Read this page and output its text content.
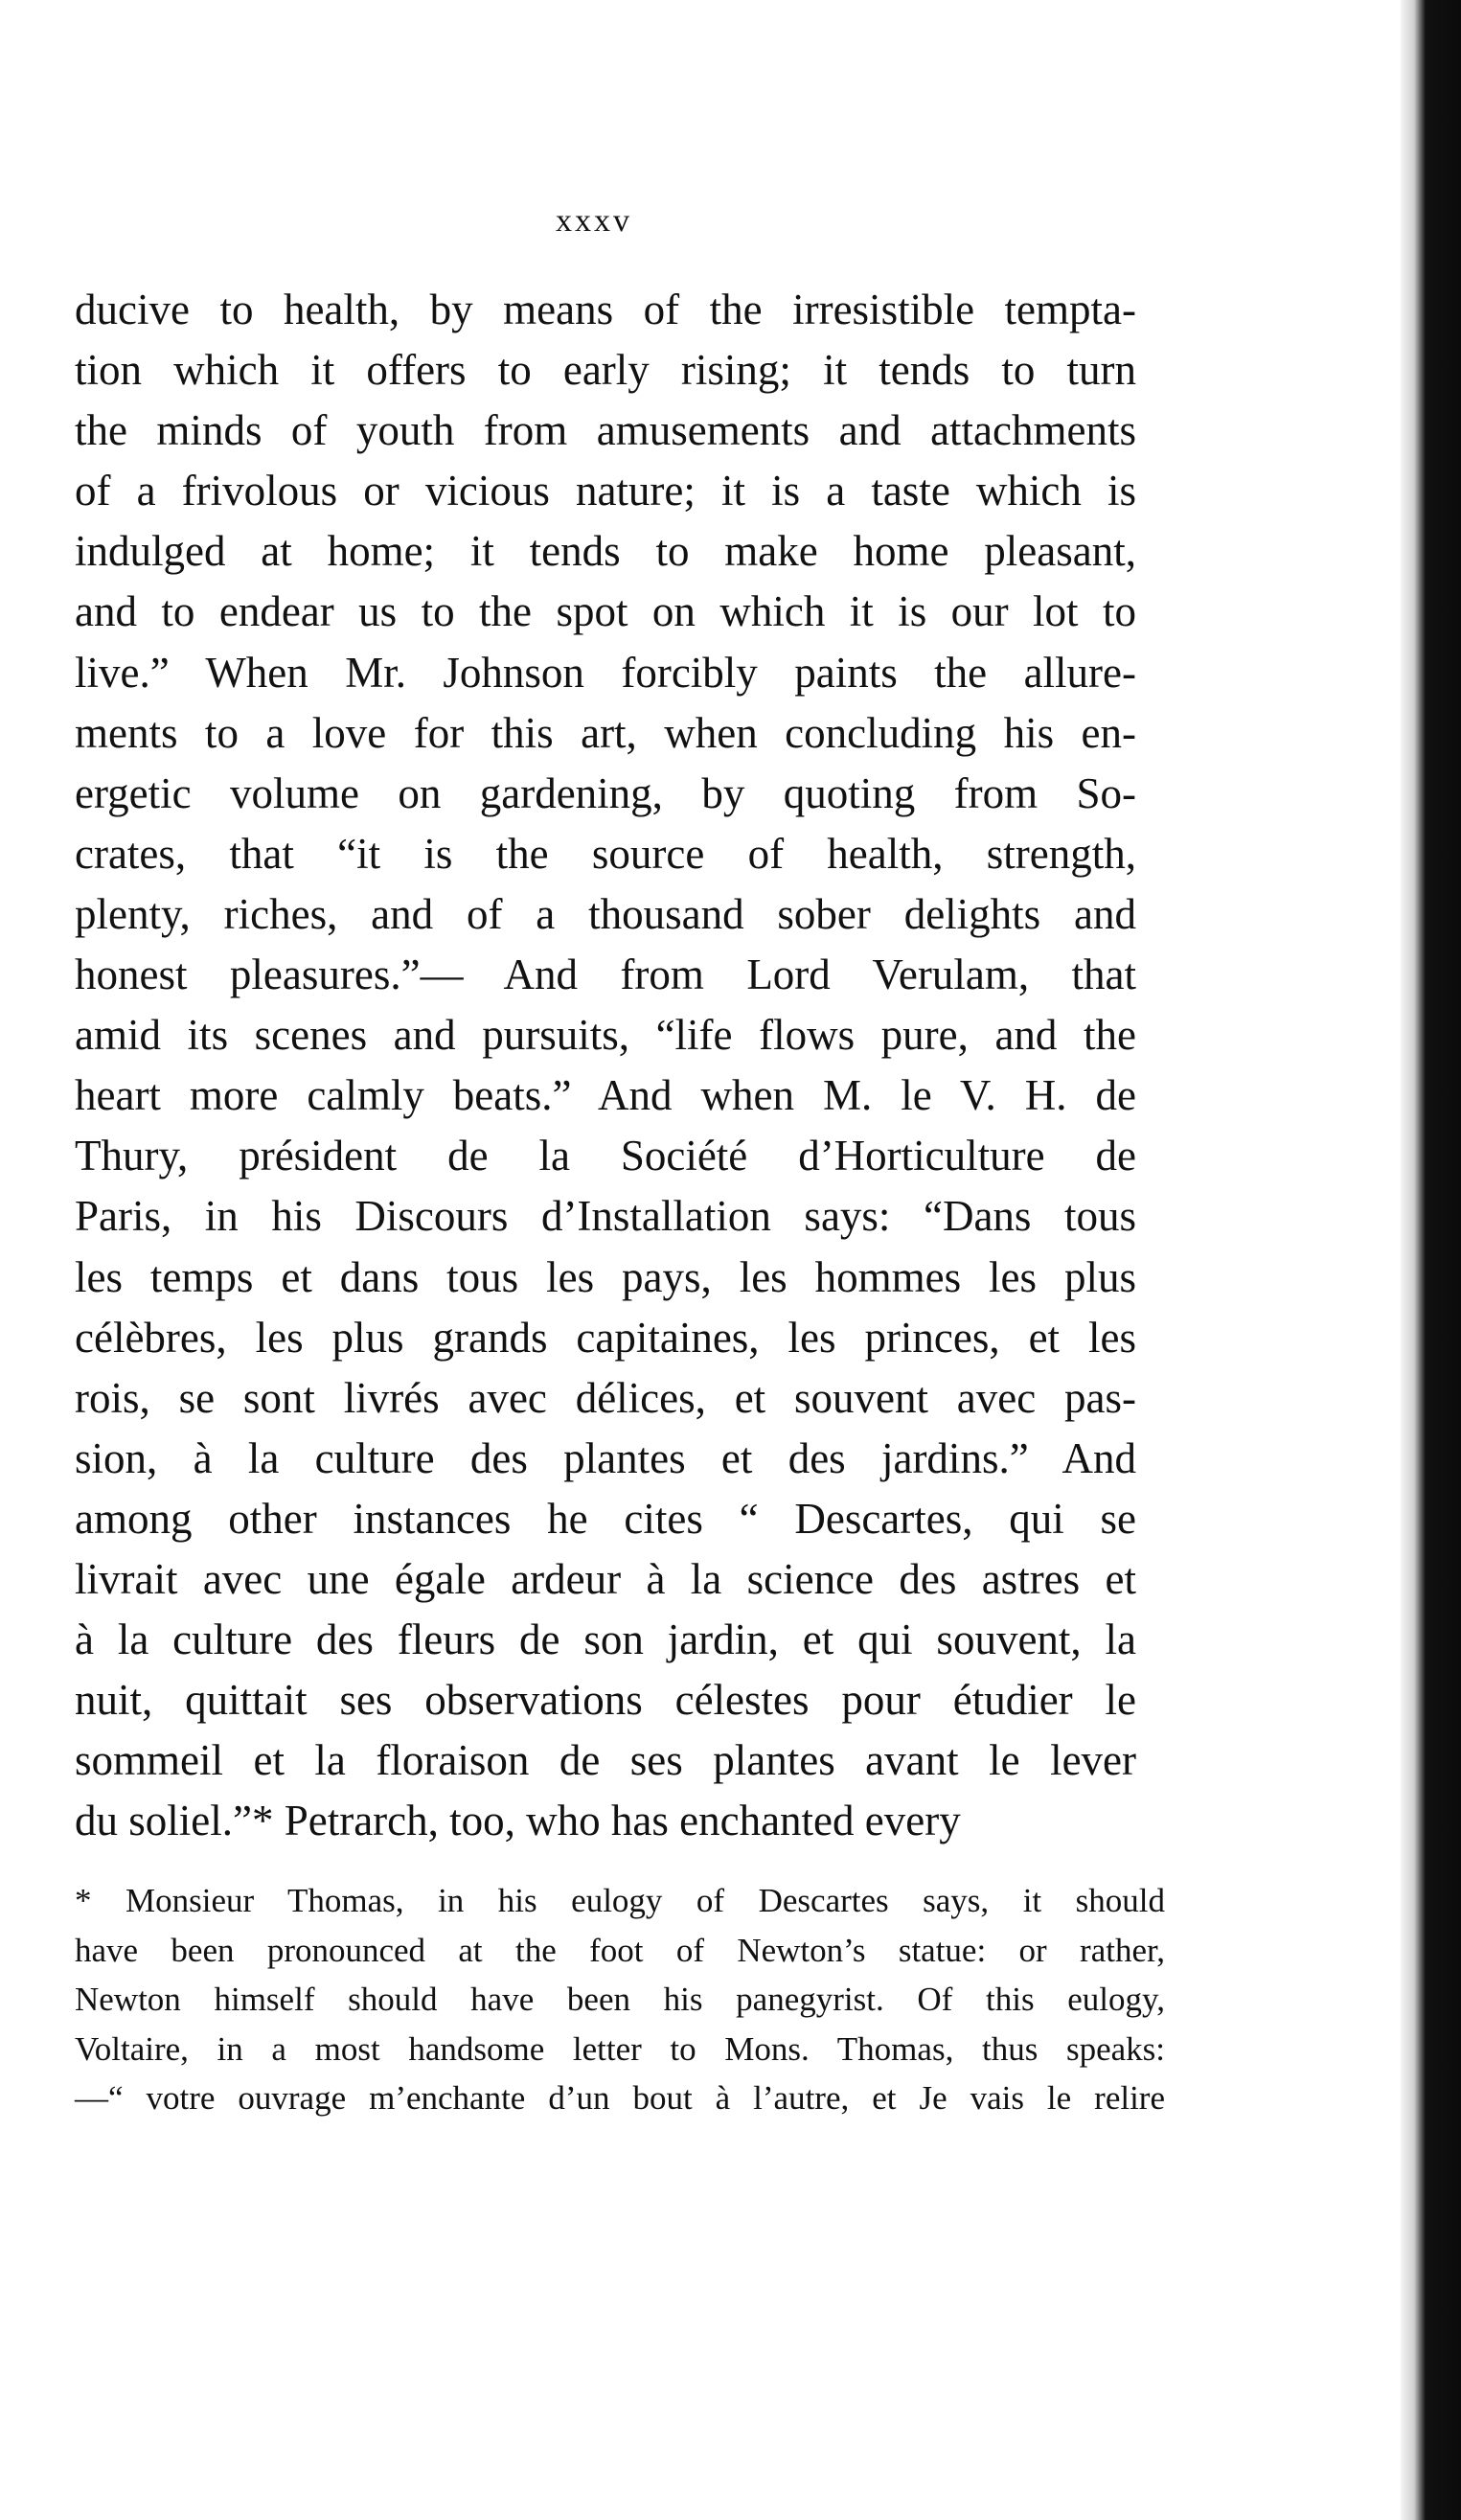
xxxv
ducive to health, by means of the irresistible tempta-
tion which it offers to early rising; it tends to turn
the minds of youth from amusements and attachments
of a frivolous or vicious nature; it is a taste which is
indulged at home; it tends to make home pleasant,
and to endear us to the spot on which it is our lot to
live.” When Mr. Johnson forcibly paints the allure-
ments to a love for this art, when concluding his en-
ergetic volume on gardening, by quoting from So-
crates, that “it is the source of health, strength,
plenty, riches, and of a thousand sober delights and
honest pleasures.”— And from Lord Verulam, that
amid its scenes and pursuits, “life flows pure, and the
heart more calmly beats.” And when M. le V. H. de
Thury, président de la Société d’Horticulture de
Paris, in his Discours d’Installation says: “Dans tous
les temps et dans tous les pays, les hommes les plus
célèbres, les plus grands capitaines, les princes, et les
rois, se sont livrés avec délices, et souvent avec pas-
sion, à la culture des plantes et des jardins.” And
among other instances he cites “ Descartes, qui se
livrait avec une égale ardeur à la science des astres et
à la culture des fleurs de son jardin, et qui souvent, la
nuit, quittait ses observations célestes pour étudier le
sommeil et la floraison de ses plantes avant le lever
du soliel.”* Petrarch, too, who has enchanted every
* Monsieur Thomas, in his eulogy of Descartes says, it should
have been pronounced at the foot of Newton’s statue: or rather,
Newton himself should have been his panegyrist. Of this eulogy,
Voltaire, in a most handsome letter to Mons. Thomas, thus speaks:
—“ votre ouvrage m’enchante d’un bout à l’autre, et Je vais le relire
